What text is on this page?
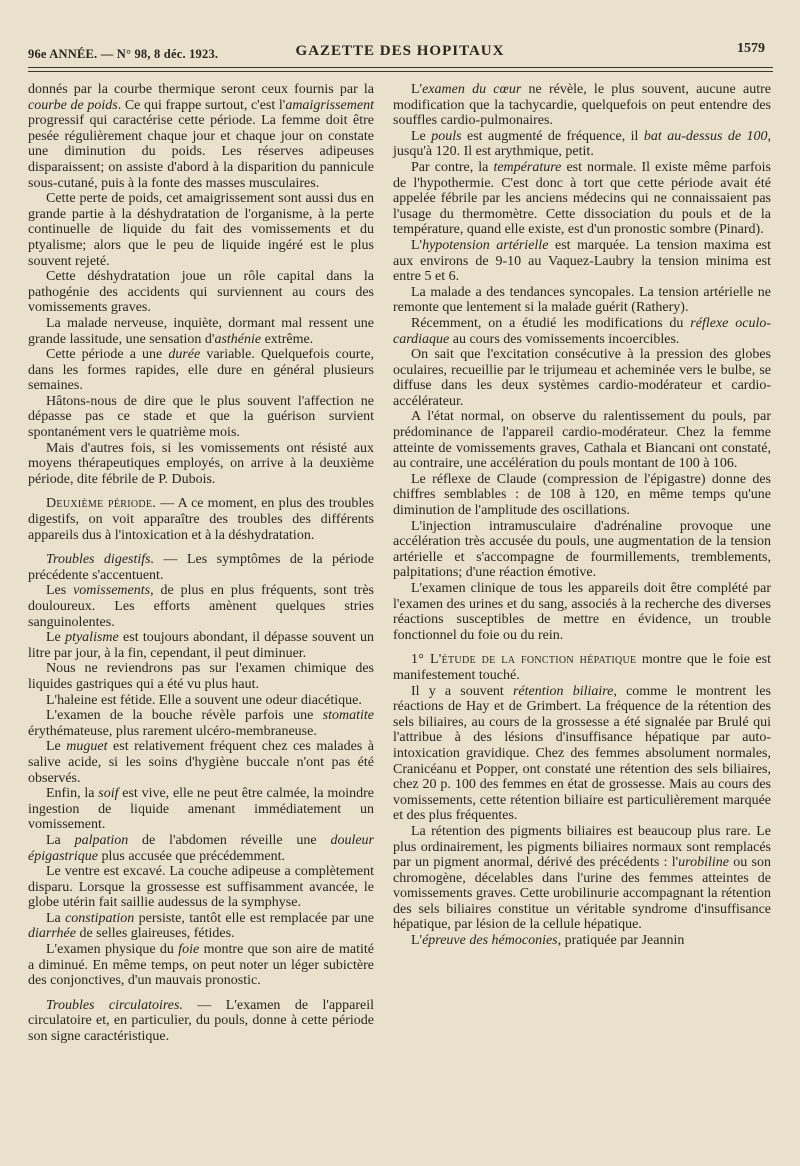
96e ANNÉE. — N° 98, 8 déc. 1923.	GAZETTE DES HOPITAUX	1579

donnés par la courbe thermique seront ceux fournis par la courbe de poids. Ce qui frappe surtout, c'est l'amaigrissement progressif qui caractérise cette période. La femme doit être pesée régulièrement chaque jour et chaque jour on constate une diminution du poids. Les réserves adipeuses disparaissent; on assiste d'abord à la disparition du pannicule sous-cutané, puis à la fonte des masses musculaires.

Cette perte de poids, cet amaigrissement sont aussi dus en grande partie à la déshydratation de l'organisme, à la perte continuelle de liquide du fait des vomissements et du ptyalisme; alors que le peu de liquide ingéré est le plus souvent rejeté.

Cette déshydratation joue un rôle capital dans la pathogénie des accidents qui surviennent au cours des vomissements graves.

La malade nerveuse, inquiète, dormant mal ressent une grande lassitude, une sensation d'asthénie extrême.

Cette période a une durée variable. Quelquefois courte, dans les formes rapides, elle dure en général plusieurs semaines.

Hâtons-nous de dire que le plus souvent l'affection ne dépasse pas ce stade et que la guérison survient spontanément vers le quatrième mois.

Mais d'autres fois, si les vomissements ont résisté aux moyens thérapeutiques employés, on arrive à la deuxième période, dite fébrile de P. Dubois.

Deuxième période. — A ce moment, en plus des troubles digestifs, on voit apparaître des troubles des différents appareils dus à l'intoxication et à la déshydratation.

Troubles digestifs. — Les symptômes de la période précédente s'accentuent.

Les vomissements, de plus en plus fréquents, sont très douloureux. Les efforts amènent quelques stries sanguinolentes.

Le ptyalisme est toujours abondant, il dépasse souvent un litre par jour, à la fin, cependant, il peut diminuer.

Nous ne reviendrons pas sur l'examen chimique des liquides gastriques qui a été vu plus haut.

L'haleine est fétide. Elle a souvent une odeur diacétique.

L'examen de la bouche révèle parfois une stomatite érythémateuse, plus rarement ulcéro-membraneuse.

Le muguet est relativement fréquent chez ces malades à salive acide, si les soins d'hygiène buccale n'ont pas été observés.

Enfin, la soif est vive, elle ne peut être calmée, la moindre ingestion de liquide amenant immédiatement un vomissement.

La palpation de l'abdomen réveille une douleur épigastrique plus accusée que précédemment.

Le ventre est excavé. La couche adipeuse a complètement disparu. Lorsque la grossesse est suffisamment avancée, le globe utérin fait saillie audessus de la symphyse.

La constipation persiste, tantôt elle est remplacée par une diarrhée de selles glaireuses, fétides.

L'examen physique du foie montre que son aire de matité a diminué. En même temps, on peut noter un léger subictère des conjonctives, d'un mauvais pronostic.

Troubles circulatoires. — L'examen de l'appareil circulatoire et, en particulier, du pouls, donne à cette période son signe caractéristique.

L'examen du cœur ne révèle, le plus souvent, aucune autre modification que la tachycardie, quelquefois on peut entendre des souffles cardio-pulmonaires.

Le pouls est augmenté de fréquence, il bat au-dessus de 100, jusqu'à 120. Il est arythmique, petit.

Par contre, la température est normale. Il existe même parfois de l'hypothermie. C'est donc à tort que cette période avait été appelée fébrile par les anciens médecins qui ne connaissaient pas l'usage du thermomètre. Cette dissociation du pouls et de la température, quand elle existe, est d'un pronostic sombre (Pinard).

L'hypotension artérielle est marquée. La tension maxima est aux environs de 9-10 au Vaquez-Laubry la tension minima est entre 5 et 6.

La malade a des tendances syncopales. La tension artérielle ne remonte que lentement si la malade guérit (Rathery).

Récemment, on a étudié les modifications du réflexe oculo-cardiaque au cours des vomissements incoercibles.

On sait que l'excitation consécutive à la pression des globes oculaires, recueillie par le trijumeau et acheminée vers le bulbe, se diffuse dans les deux systèmes cardio-modérateur et cardio-accélérateur.

A l'état normal, on observe du ralentissement du pouls, par prédominance de l'appareil cardio-modérateur. Chez la femme atteinte de vomissements graves, Cathala et Biancani ont constaté, au contraire, une accélération du pouls montant de 100 à 106.

Le réflexe de Claude (compression de l'épigastre) donne des chiffres semblables : de 108 à 120, en même temps qu'une diminution de l'amplitude des oscillations.

L'injection intramusculaire d'adrénaline provoque une accélération très accusée du pouls, une augmentation de la tension artérielle et s'accompagne de fourmillements, tremblements, palpitations; d'une réaction émotive.

L'examen clinique de tous les appareils doit être complété par l'examen des urines et du sang, associés à la recherche des diverses réactions susceptibles de mettre en évidence, un trouble fonctionnel du foie ou du rein.

1° L'étude de la fonction hépatique montre que le foie est manifestement touché.

Il y a souvent rétention biliaire, comme le montrent les réactions de Hay et de Grimbert. La fréquence de la rétention des sels biliaires, au cours de la grossesse a été signalée par Brulé qui l'attribue à des lésions d'insuffisance hépatique par auto-intoxication gravidique. Chez des femmes absolument normales, Cranicéanu et Popper, ont constaté une rétention des sels biliaires, chez 20 p. 100 des femmes en état de grossesse. Mais au cours des vomissements, cette rétention biliaire est particulièrement marquée et des plus fréquentes.

La rétention des pigments biliaires est beaucoup plus rare. Le plus ordinairement, les pigments biliaires normaux sont remplacés par un pigment anormal, dérivé des précédents : l'urobiline ou son chromogène, décelables dans l'urine des femmes atteintes de vomissements graves. Cette urobilinurie accompagnant la rétention des sels biliaires constitue un véritable syndrome d'insuffisance hépatique, par lésion de la cellule hépatique.

L'épreuve des hémoconies, pratiquée par Jeannin
